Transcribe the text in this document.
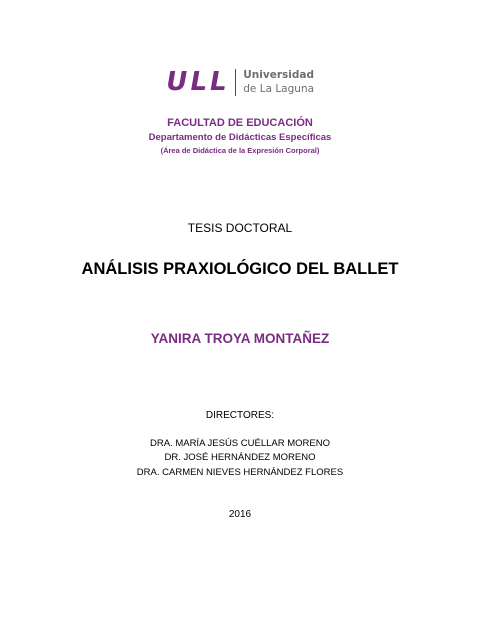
ULL Universidad
de La Laguna
FACULTAD DE EDUCACIÓN
Departamento de Didácticas Específicas
(Área de Didáctica de la Expresión Corporal)
TESIS DOCTORAL
ANÁLISIS PRAXIOLÓGICO DEL BALLET
YANIRA TROYA MONTAÑEZ
DIRECTORES:
DRA. MARÍA JESÚS CUÉLLAR MORENO
DR. JOSÉ HERNÁNDEZ MORENO
DRA. CARMEN NIEVES HERNÁNDEZ FLORES
2016
